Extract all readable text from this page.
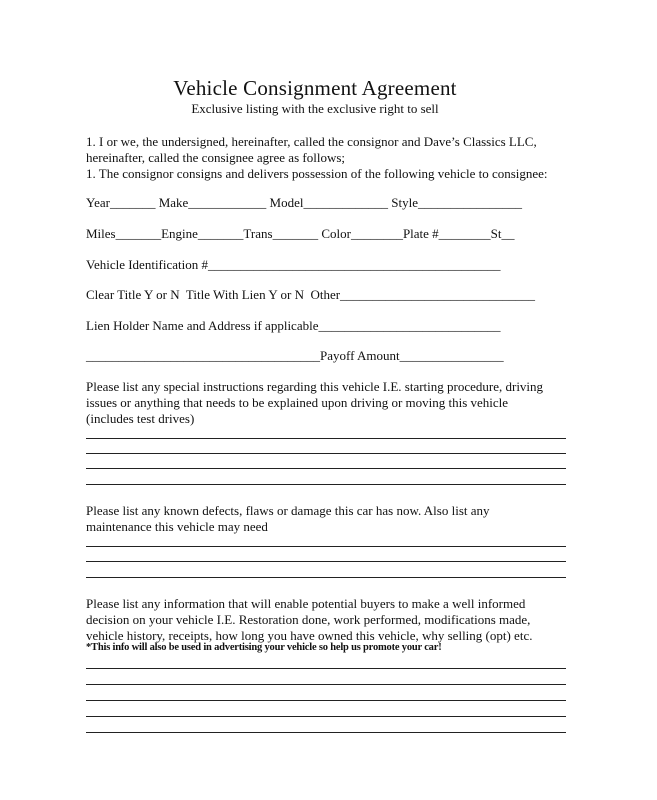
Vehicle Consignment Agreement
Exclusive listing with the exclusive right to sell
1. I or we, the undersigned, hereinafter, called the consignor and Dave’s Classics LLC,
hereinafter, called the consignee agree as follows;
1. The consignor consigns and delivers possession of the following vehicle to consignee:
Year_______ Make____________ Model_____________ Style________________
Miles_______Engine_______Trans_______ Color________Plate #________St__
Vehicle Identification #_____________________________________________
Clear Title Y or N  Title With Lien Y or N  Other______________________________
Lien Holder Name and Address if applicable____________________________
____________________________________Payoff Amount________________
Please list any special instructions regarding this vehicle I.E. starting procedure, driving
issues or anything that needs to be explained upon driving or moving this vehicle
(includes test drives)
Please list any known defects, flaws or damage this car has now. Also list any
maintenance this vehicle may need
Please list any information that will enable potential buyers to make a well informed
decision on your vehicle I.E. Restoration done, work performed, modifications made,
vehicle history, receipts, how long you have owned this vehicle, why selling (opt) etc.
*This info will also be used in advertising your vehicle so help us promote your car!
